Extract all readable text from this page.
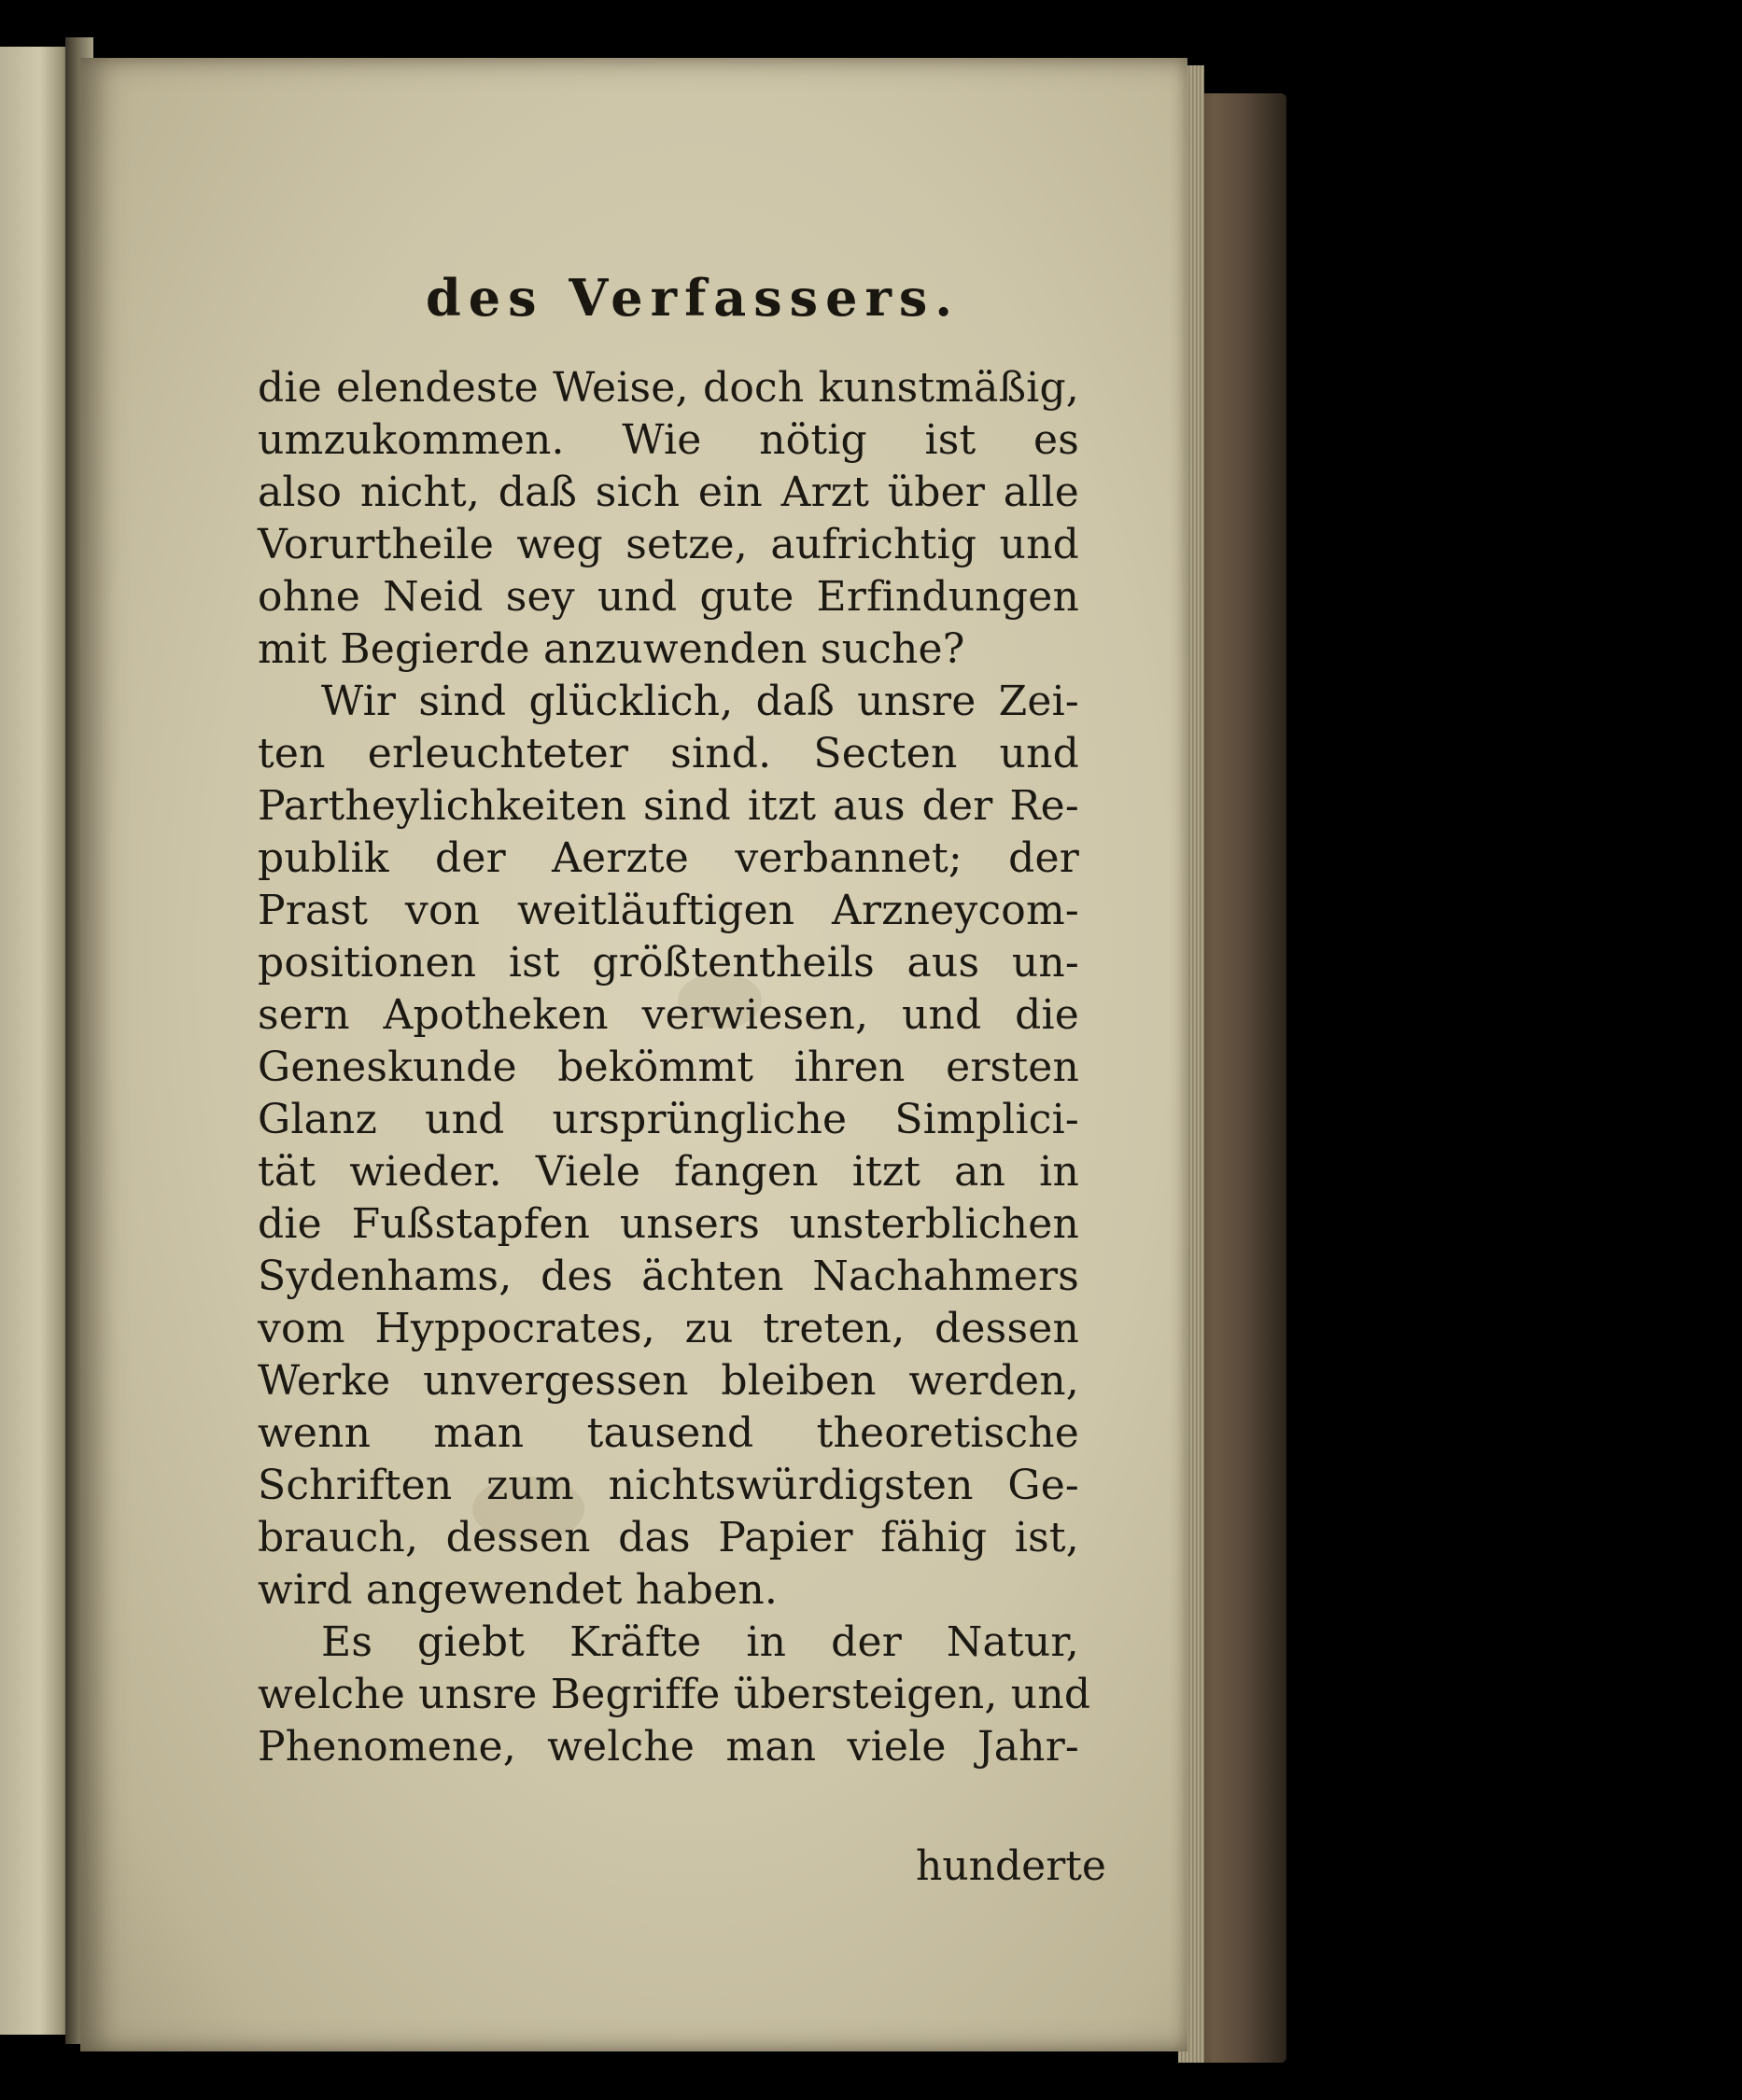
des Verfassers.
die elendeste Weise, doch kunstmäßig,
umzukommen. Wie nötig ist es
also nicht, daß sich ein Arzt über alle
Vorurtheile weg setze, aufrichtig und
ohne Neid sey und gute Erfindungen
mit Begierde anzuwenden suche?
Wir sind glücklich, daß unsre Zei-
ten erleuchteter sind. Secten und
Partheylichkeiten sind itzt aus der Re-
publik der Aerzte verbannet; der
Prast von weitläuftigen Arzneycom-
positionen ist größtentheils aus un-
sern Apotheken verwiesen, und die
Geneskunde bekömmt ihren ersten
Glanz und ursprüngliche Simplici-
tät wieder. Viele fangen itzt an in
die Fußstapfen unsers unsterblichen
Sydenhams, des ächten Nachahmers
vom Hyppocrates, zu treten, dessen
Werke unvergessen bleiben werden,
wenn man tausend theoretische
Schriften zum nichtswürdigsten Ge-
brauch, dessen das Papier fähig ist,
wird angewendet haben.
Es giebt Kräfte in der Natur,
welche unsre Begriffe übersteigen, und
Phenomene, welche man viele Jahr-
hunderte
